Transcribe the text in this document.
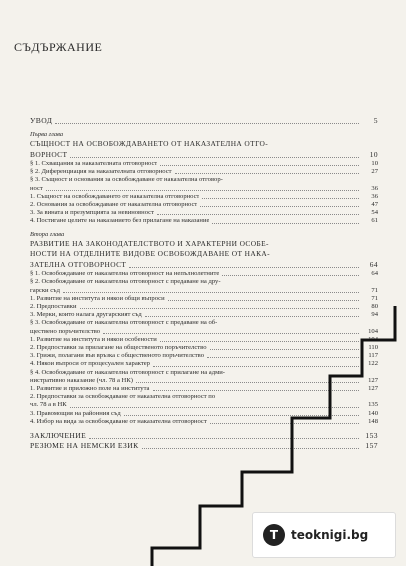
СЪДЪРЖАНИЕ
УВОД	5
Първа глава
СЪЩНОСТ НА ОСВОБОЖДАВАНЕТО ОТ НАКАЗАТЕЛНА ОТГО-
ВОРНОСТ	10
§ 1. Схващания за наказателната отговорност	10
§ 2. Диференциация на наказателната отговорност	27
§ 3. Същност и основания за освобождаване от наказателна отговор-
ност	36
1. Същност на освобождаването от наказателна отговорност	36
2. Основания за освобождаване от наказателна отговорност	47
3. За вината и презумпцията за невиновност	54
4. Постигане целите на наказанието без прилагане на наказание	61
Втора глава
РАЗВИТИЕ НА ЗАКОНОДАТЕЛСТВОТО И ХАРАКТЕРНИ ОСОБЕ-
НОСТИ НА ОТДЕЛНИТЕ ВИДОВЕ ОСВОБОЖДАВАНЕ ОТ НАКА-
ЗАТЕЛНА ОТГОВОРНОСТ	64
§ 1. Освобождаване от наказателна отговорност на непълнолетните	64
§ 2. Освобождаване от наказателна отговорност с предаване на дру-
гарски съд	71
1. Развитие на института и някои общи въпроси	71
2. Предпоставки	80
3. Мерки, които налага другарският съд	94
§ 3. Освобождаване от наказателна отговорност с предаване на об-
ществено поръчителство	104
1. Развитие на института и някои особености	104
2. Предпоставки за прилагане на общественото поръчителство	110
3. Грижи, полагани във връзка с общественото поръчителство	117
4. Някои въпроси от процесуален характер	122
§ 4. Освобождаване от наказателна отговорност с прилагане на адми-
нистративно наказание (чл. 78 а НК)	127
1. Развитие и приложно поле на института	127
2. Предпоставки за освобождаване от наказателна отговорност по
чл. 78 а в НК	135
3. Правомощия на районния съд	140
4. Избор на вида за освобождаване от наказателна отговорност	148
ЗАКЛЮЧЕНИЕ	153
РЕЗЮМЕ НА НЕМСКИ ЕЗИК	157
Т	teoknigi.bg
